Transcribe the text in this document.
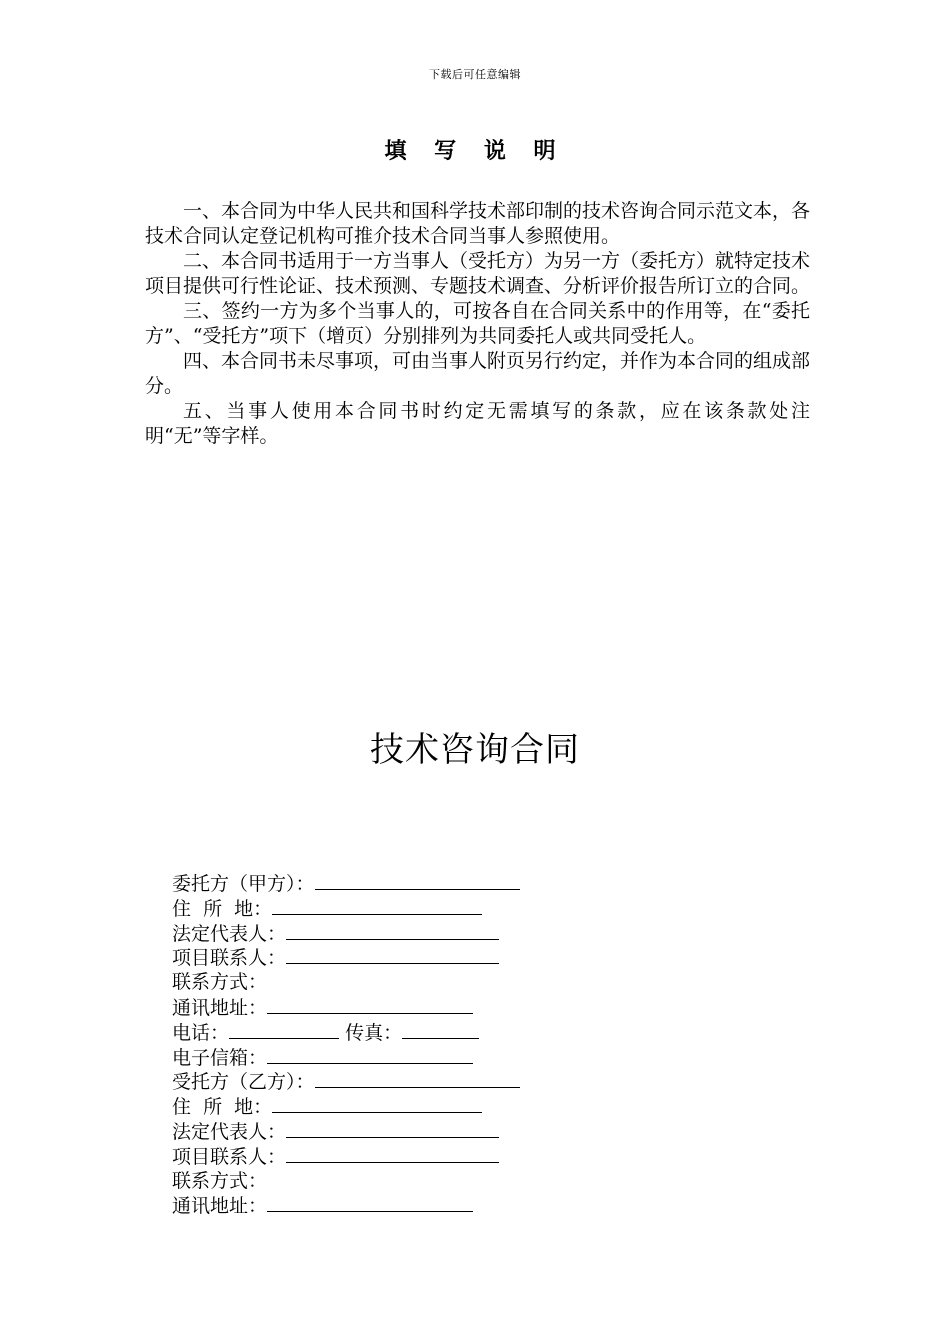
下载后可任意编辑
填 写 说 明

一、本合同为中华人民共和国科学技术部印制的技术咨询合同示范文本，各技术合同认定登记机构可推介技术合同当事人参照使用。

二、本合同书适用于一方当事人（受托方）为另一方（委托方）就特定技术项目提供可行性论证、技术预测、专题技术调查、分析评价报告所订立的合同。

三、签约一方为多个当事人的，可按各自在合同关系中的作用等，在“委托方”、“受托方”项下（增页）分别排列为共同委托人或共同受托人。

四、本合同书未尽事项，可由当事人附页另行约定，并作为本合同的组成部分。

五、当事人使用本合同书时约定无需填写的条款，应在该条款处注明“无”等字样。

技术咨询合同
委托方（甲方）：
住  所  地：
法定代表人：
项目联系人：
联系方式：
通讯地址：
电话：	传真：
电子信箱：
受托方（乙方）：
住  所  地：
法定代表人：
项目联系人：
联系方式：
通讯地址：
